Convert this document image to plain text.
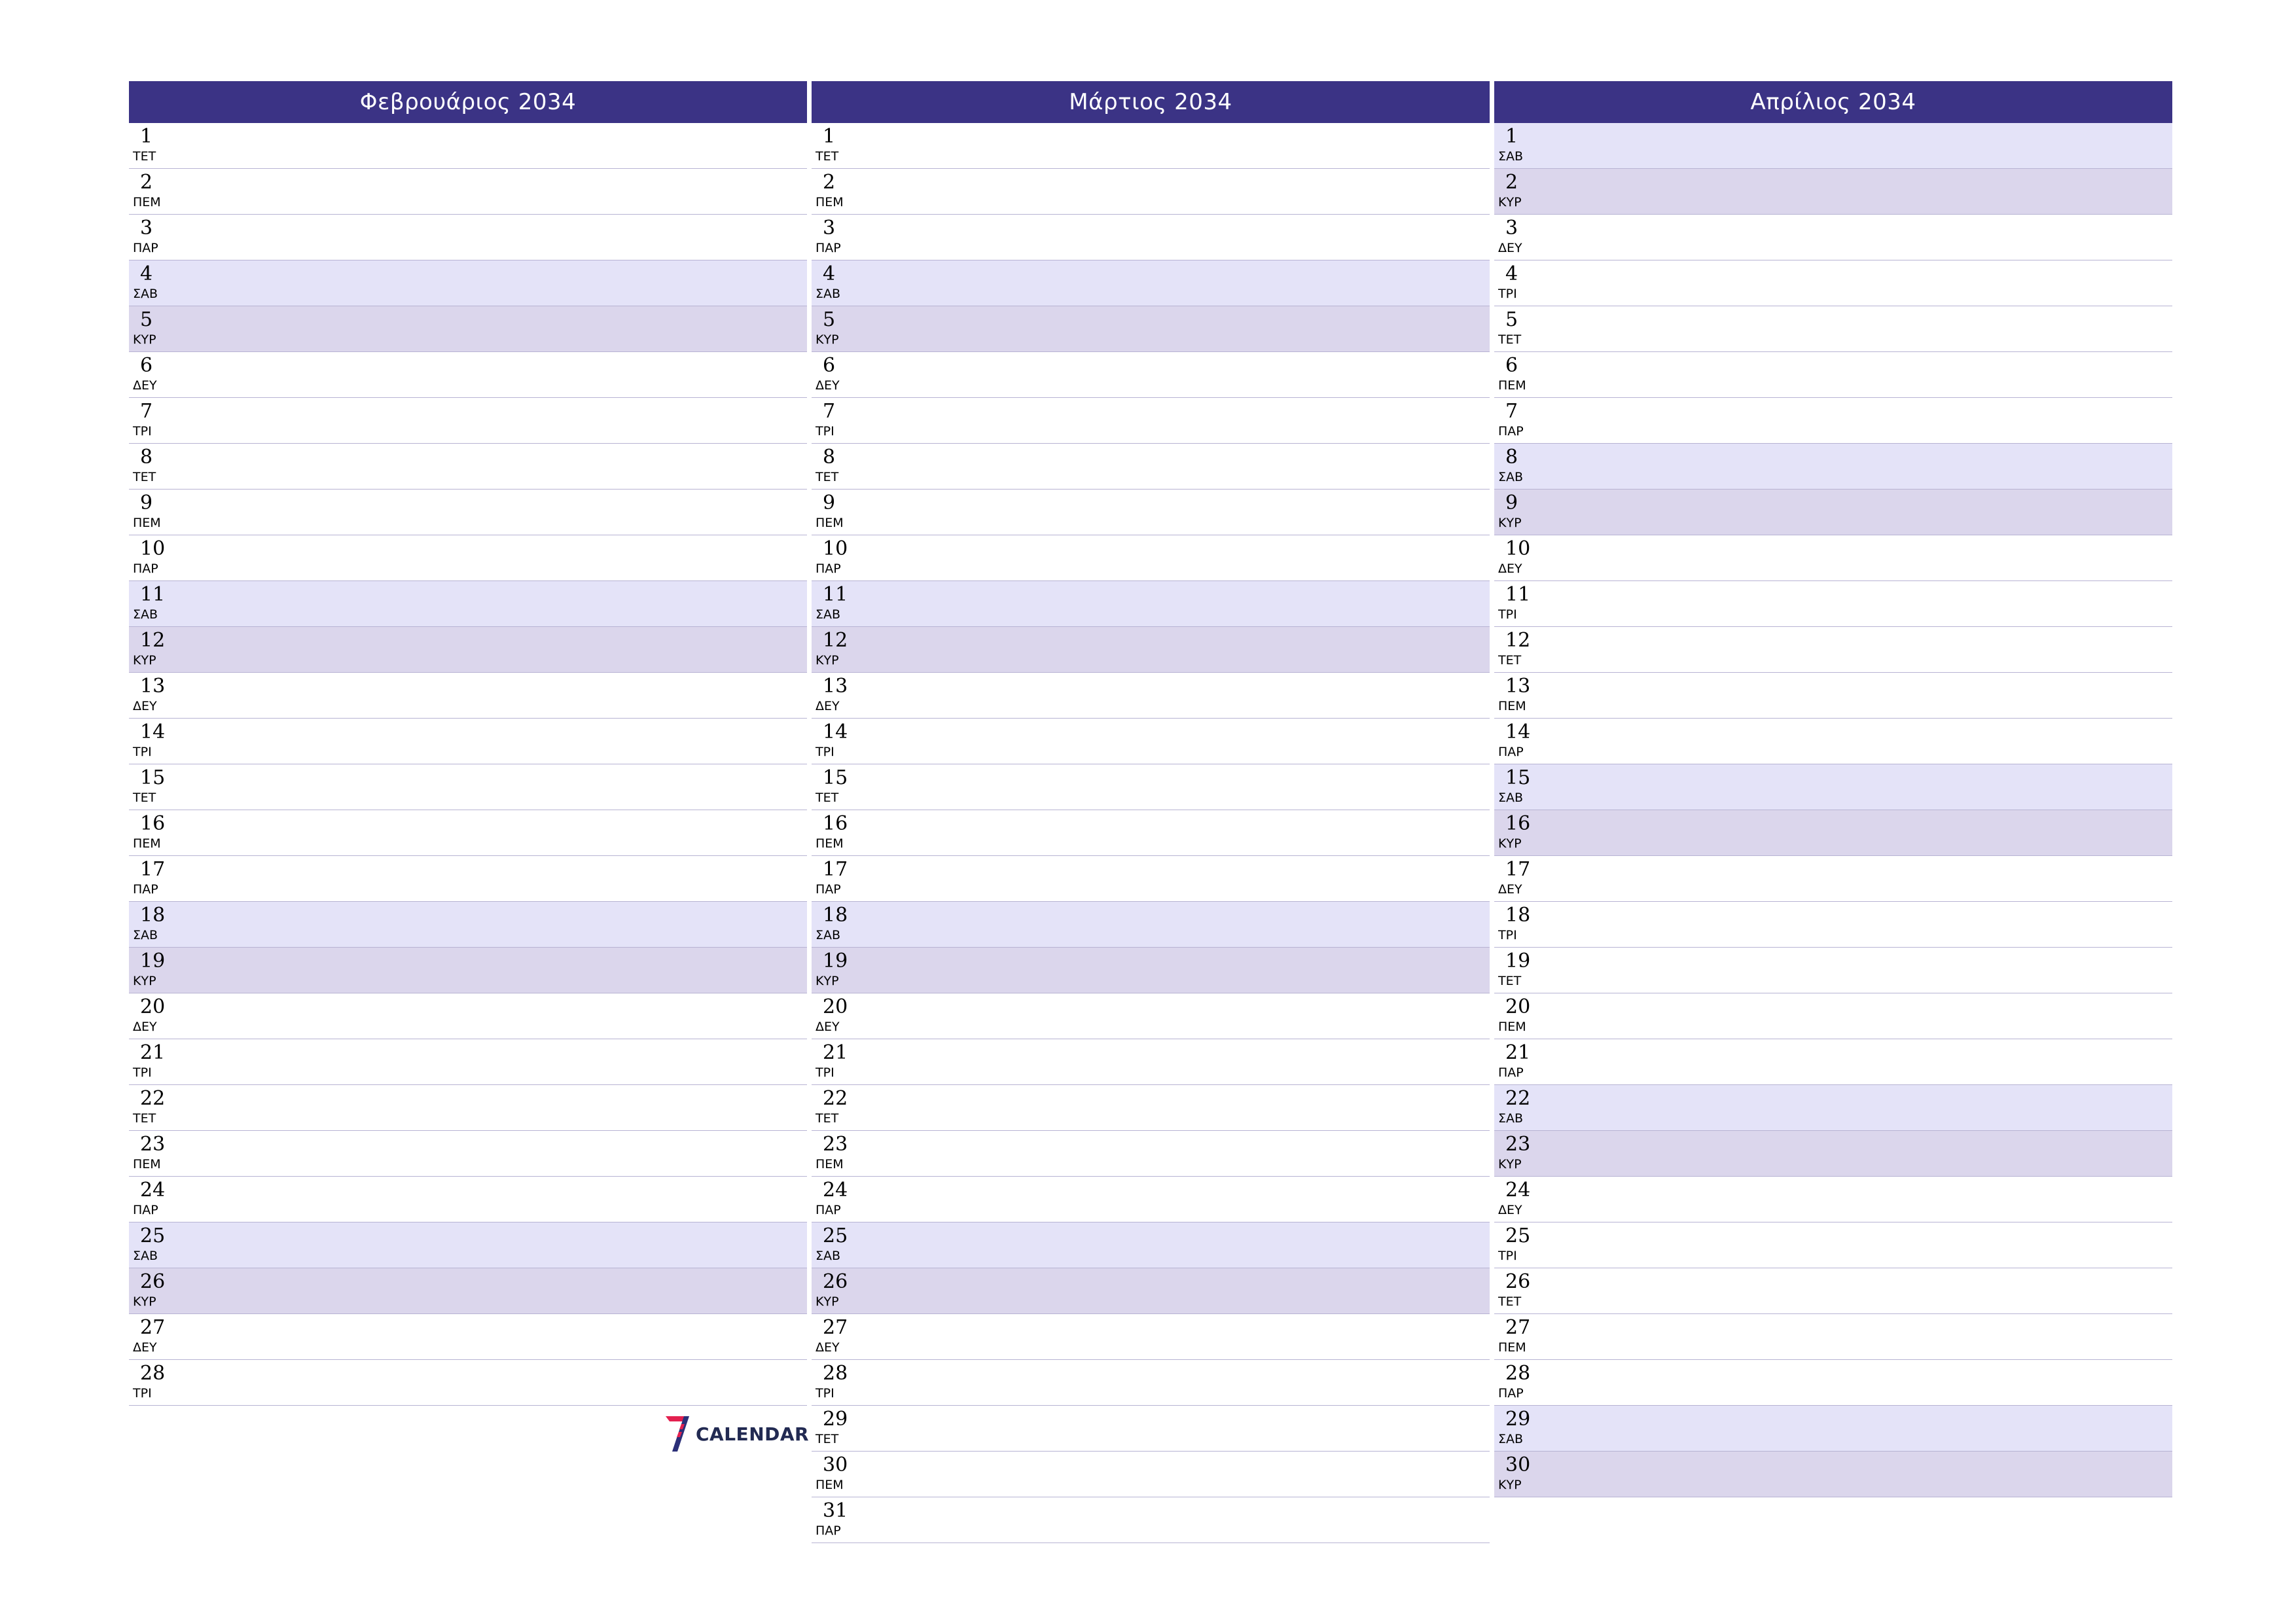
Φεβρουάριος 2034
1
ΤΕΤ
2
ΠΕΜ
3
ΠΑΡ
4
ΣΑΒ
5
ΚΥΡ
6
ΔΕΥ
7
ΤΡΙ
8
ΤΕΤ
9
ΠΕΜ
10
ΠΑΡ
11
ΣΑΒ
12
ΚΥΡ
13
ΔΕΥ
14
ΤΡΙ
15
ΤΕΤ
16
ΠΕΜ
17
ΠΑΡ
18
ΣΑΒ
19
ΚΥΡ
20
ΔΕΥ
21
ΤΡΙ
22
ΤΕΤ
23
ΠΕΜ
24
ΠΑΡ
25
ΣΑΒ
26
ΚΥΡ
27
ΔΕΥ
28
ΤΡΙ
Μάρτιος 2034
1
ΤΕΤ
2
ΠΕΜ
3
ΠΑΡ
4
ΣΑΒ
5
ΚΥΡ
6
ΔΕΥ
7
ΤΡΙ
8
ΤΕΤ
9
ΠΕΜ
10
ΠΑΡ
11
ΣΑΒ
12
ΚΥΡ
13
ΔΕΥ
14
ΤΡΙ
15
ΤΕΤ
16
ΠΕΜ
17
ΠΑΡ
18
ΣΑΒ
19
ΚΥΡ
20
ΔΕΥ
21
ΤΡΙ
22
ΤΕΤ
23
ΠΕΜ
24
ΠΑΡ
25
ΣΑΒ
26
ΚΥΡ
27
ΔΕΥ
28
ΤΡΙ
29
ΤΕΤ
30
ΠΕΜ
31
ΠΑΡ
Απρίλιος 2034
1
ΣΑΒ
2
ΚΥΡ
3
ΔΕΥ
4
ΤΡΙ
5
ΤΕΤ
6
ΠΕΜ
7
ΠΑΡ
8
ΣΑΒ
9
ΚΥΡ
10
ΔΕΥ
11
ΤΡΙ
12
ΤΕΤ
13
ΠΕΜ
14
ΠΑΡ
15
ΣΑΒ
16
ΚΥΡ
17
ΔΕΥ
18
ΤΡΙ
19
ΤΕΤ
20
ΠΕΜ
21
ΠΑΡ
22
ΣΑΒ
23
ΚΥΡ
24
ΔΕΥ
25
ΤΡΙ
26
ΤΕΤ
27
ΠΕΜ
28
ΠΑΡ
29
ΣΑΒ
30
ΚΥΡ
CALENDAR
